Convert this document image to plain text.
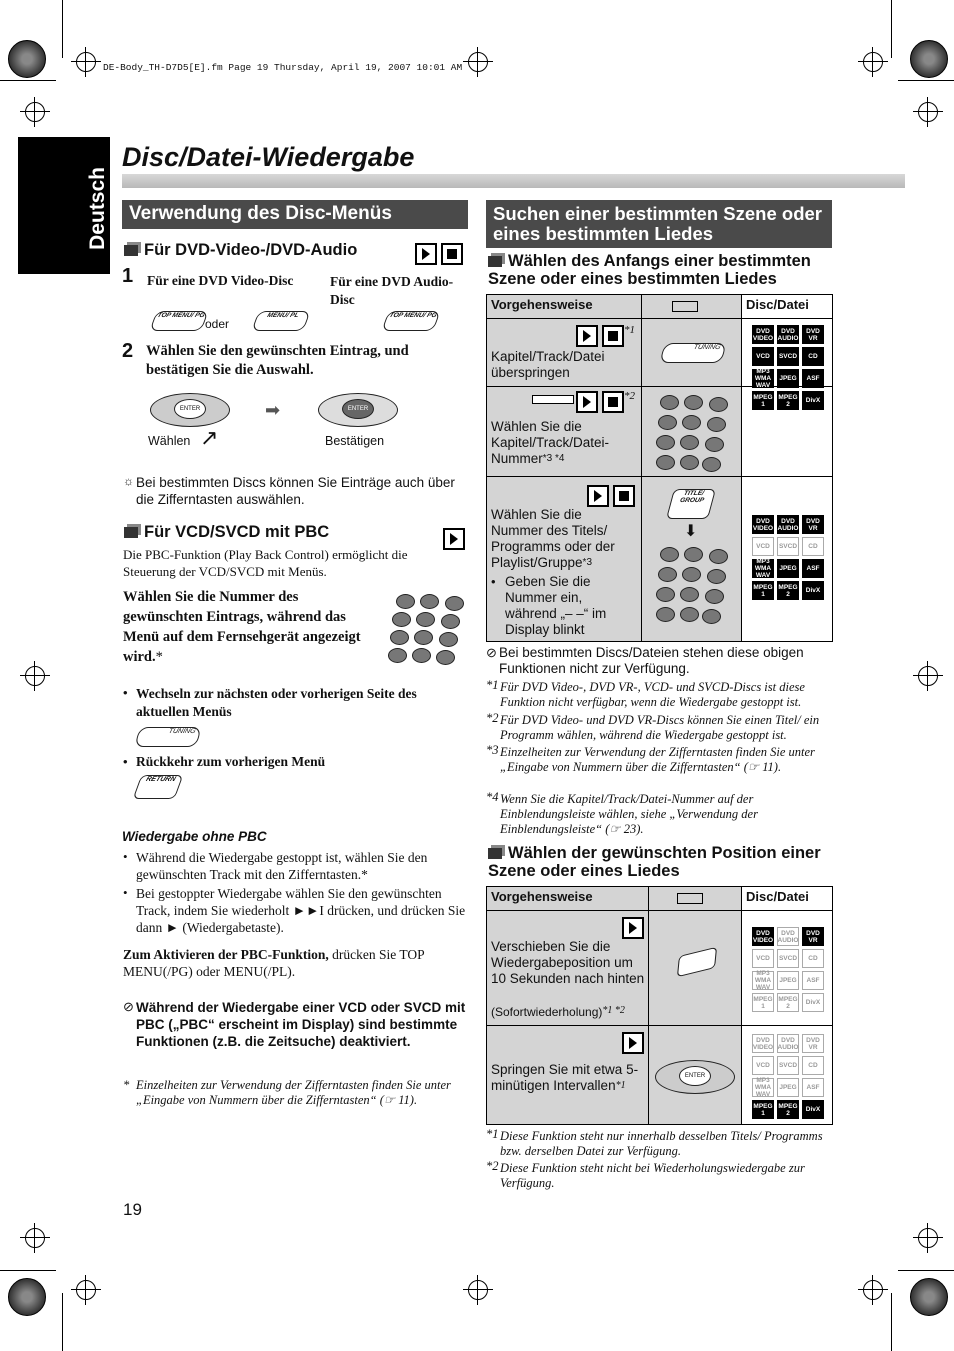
DE-Body_TH-D7D5[E].fm Page 19 Thursday, April 19, 2007 10:01 AM
Deutsch
Disc/Datei-Wiedergabe
Verwendung des Disc-Menüs
Für DVD-Video-/DVD-Audio

1 Für eine DVD Video-Disc	Für eine DVD Audio-Disc
TOP MENU/ PG
oder
MENU/ PL	TOP MENU/ PG
2 Wählen Sie den gewünschten Eintrag, und bestätigen Sie die Auswahl.
ENTER
↗
➡	ENTER
Wählen	Bestätigen
☼ Bei bestimmten Discs können Sie Einträge auch über die Zifferntasten auswählen.
Für VCD/SVCD mit PBC
Die PBC-Funktion (Play Back Control) ermöglicht die Steuerung der VCD/SVCD mit Menüs.
Wählen Sie die Nummer des gewünschten Eintrags, während das Menü auf dem Fernsehgerät angezeigt wird.*
• Wechseln zur nächsten oder vorherigen Seite des aktuellen Menüs
TUNING
• Rückkehr zum vorherigen Menü
RETURN
Wiedergabe ohne PBC
• Während die Wiedergabe gestoppt ist, wählen Sie den gewünschten Track mit den Zifferntasten.*
• Bei gestoppter Wiedergabe wählen Sie den gewünschten Track, indem Sie wiederholt ►►I drücken, und drücken Sie dann ► (Wiedergabetaste).
Zum Aktivieren der PBC-Funktion, drücken Sie TOP MENU(/PG) oder MENU(/PL).
⊘ Während der Wiedergabe einer VCD oder SVCD mit PBC („PBC“ erscheint im Display) sind bestimmte Funktionen (z.B. die Zeitsuche) deaktiviert.
* Einzelheiten zur Verwendung der Zifferntasten finden Sie unter „Eingabe von Nummern über die Zifferntasten“ (☞ 11).
19
Suchen einer bestimmten Szene oder eines bestimmten Liedes
Wählen des Anfangs einer bestimmten Szene oder eines bestimmten Liedes
Vorgehensweise	Disc/Datei

*1
Kapitel/Track/Datei überspringen
TUNING
DVD VIDEO
DVD AUDIO
DVD VR
VCD	SVCD	CD
MP3 WMA WAV
JPEG	ASF
MPEG 1
MPEG 2	DivX

*2
Wählen Sie die Kapitel/Track/Datei-Nummer$^{*3 *4}$

Wählen Sie die Nummer des Titels/ Programms oder der Playlist/Gruppe$^{*3}$
• Geben Sie die Nummer ein, während „– –“ im Display blinkt
TITLE/ GROUP
⬇
DVD VIDEO
DVD AUDIO
DVD VR
VCD	SVCD	CD
MP3 WMA WAV
JPEG	ASF
MPEG 1
MPEG 2	DivX
⊘ Bei bestimmten Discs/Dateien stehen diese obigen Funktionen nicht zur Verfügung.
*1 Für DVD Video-, DVD VR-, VCD- und SVCD-Discs ist diese Funktion nicht verfügbar, wenn die Wiedergabe gestoppt ist.
*2 Für DVD Video- und DVD VR-Discs können Sie einen Titel/ ein Programm wählen, während die Wiedergabe gestoppt ist.
*3 Einzelheiten zur Verwendung der Zifferntasten finden Sie unter „Eingabe von Nummern über die Zifferntasten“ (☞ 11).
*4 Wenn Sie die Kapitel/Track/Datei-Nummer auf der Einblendungsleiste wählen, siehe „Verwendung der Einblendungsleiste“ (☞ 23).
Wählen der gewünschten Position einer Szene oder eines Liedes
Vorgehensweise	Disc/Datei
Verschieben Sie die Wiedergabeposition um 10 Sekunden nach hinten
(Sofortwiederholung)$^{*1 *2}$
DVD VIDEO
DVD AUDIO
DVD VR
VCD	SVCD	CD
MP3 WMA WAV
JPEG	ASF
MPEG 1
MPEG 2	DivX
Springen Sie mit etwa 5-minütigen Intervallen$^{*1}$
ENTER
DVD VIDEO
DVD AUDIO
DVD VR
VCD	SVCD	CD
MP3 WMA WAV
JPEG	ASF
MPEG 1
MPEG 2	DivX
*1 Diese Funktion steht nur innerhalb desselben Titels/ Programms bzw. derselben Datei zur Verfügung.
*2 Diese Funktion steht nicht bei Wiederholungswiedergabe zur Verfügung.
